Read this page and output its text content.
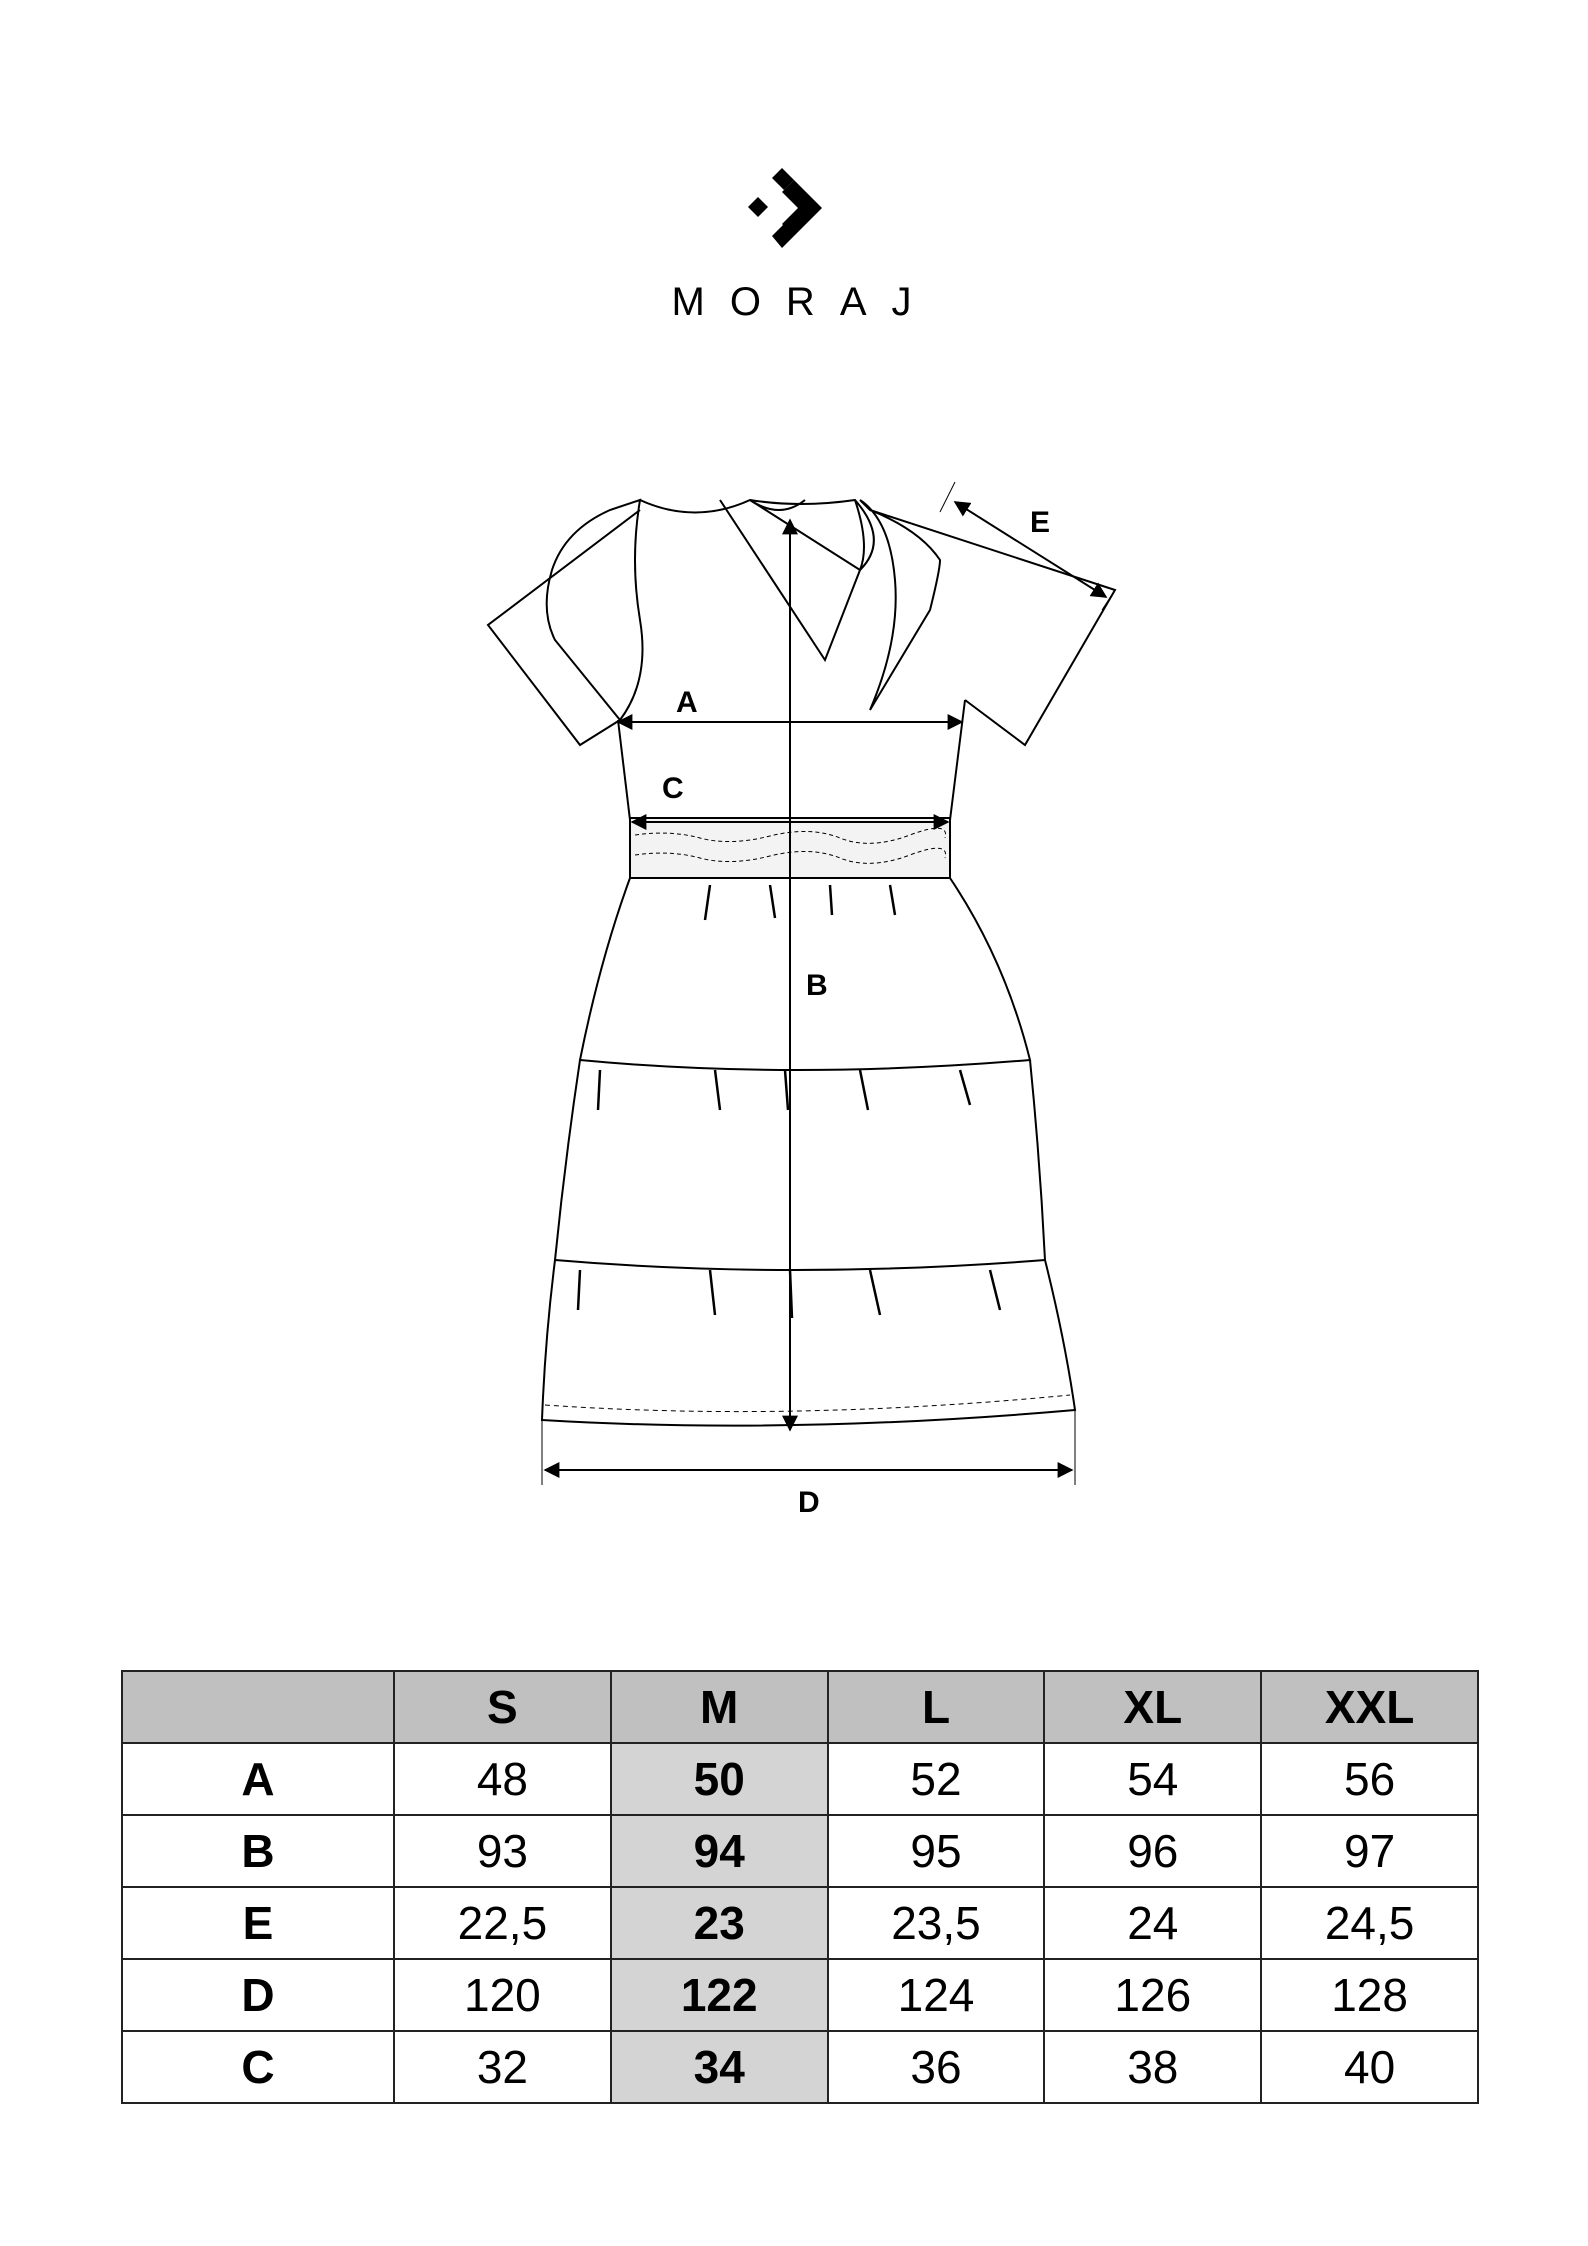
MORAJ
A
B
C
D
E
	S	M	L	XL	XXL
A	48	50	52	54	56
B	93	94	95	96	97
E	22,5	23	23,5	24	24,5
D	120	122	124	126	128
C	32	34	36	38	40
